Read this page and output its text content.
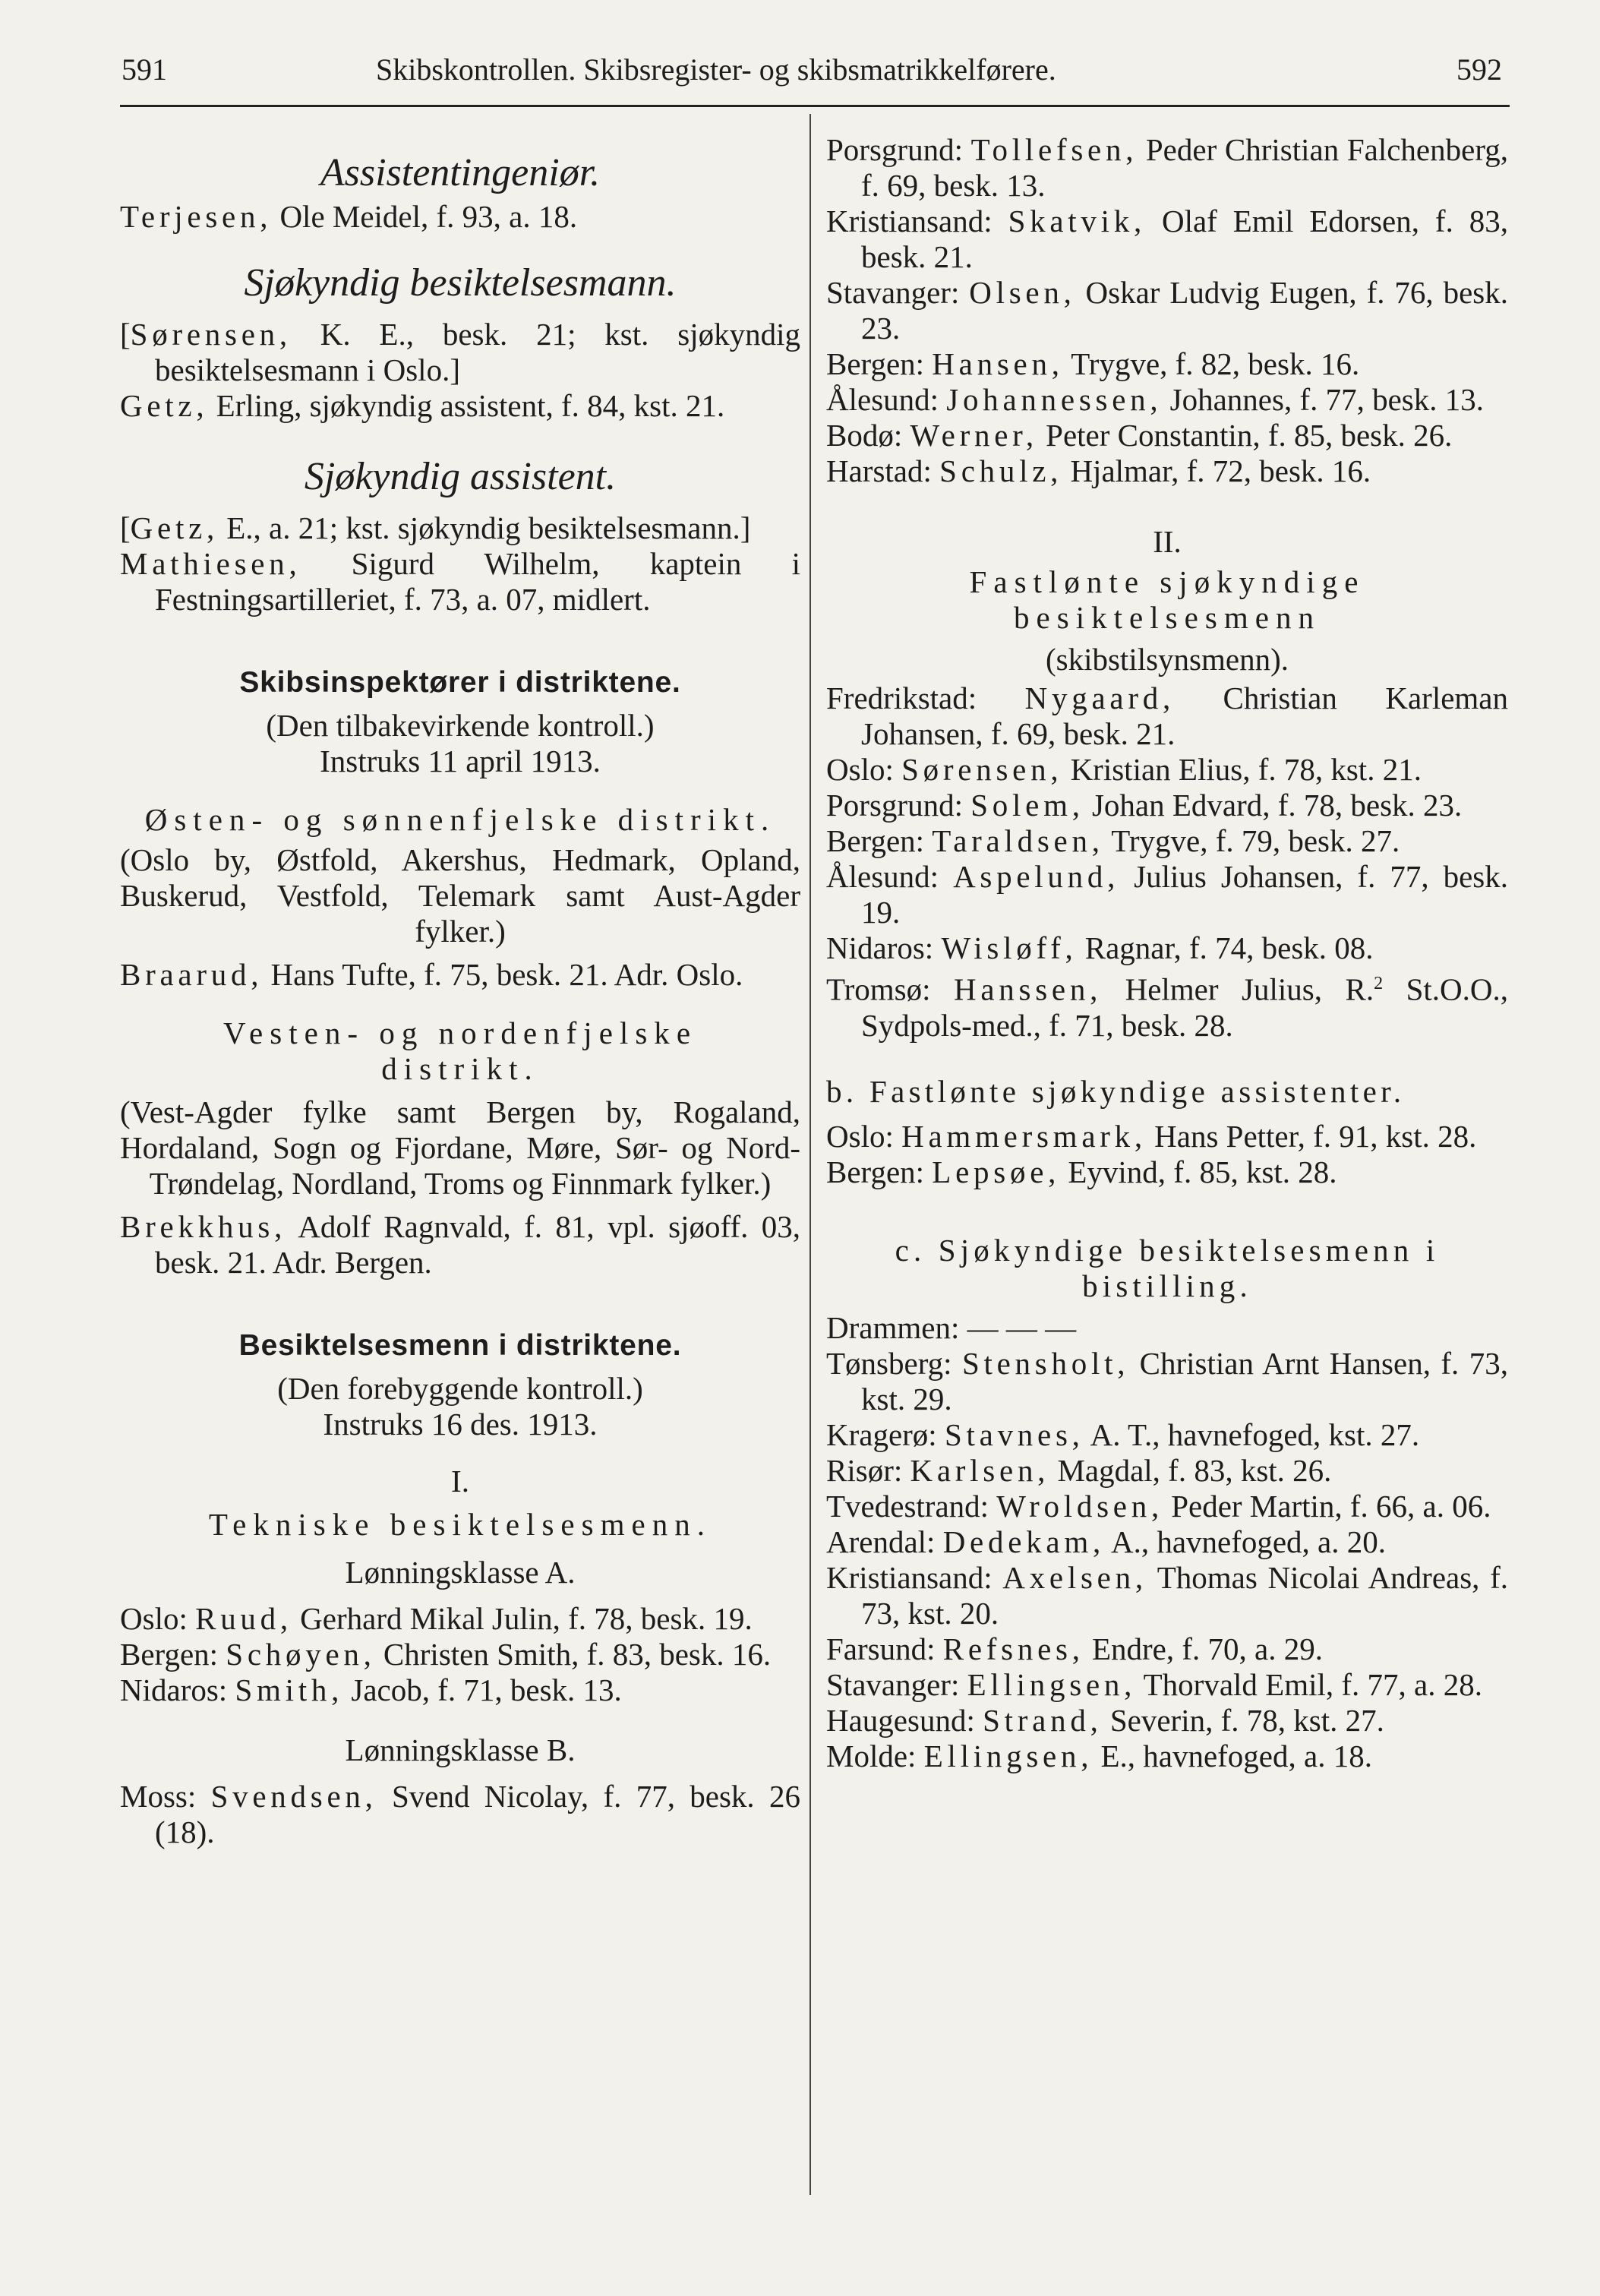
591	Skibskontrollen. Skibsregister- og skibsmatrikkelførere.	592

Assistentingeniør.

Terjesen, Ole Meidel, f. 93, a. 18.

Sjøkyndig besiktelsesmann.

[Sørensen, K. E., besk. 21; kst. sjøkyndig besiktelsesmann i Oslo.]

Getz, Erling, sjøkyndig assistent, f. 84, kst. 21.

Sjøkyndig assistent.

[Getz, E., a. 21; kst. sjøkyndig besiktelsesmann.]

Mathiesen, Sigurd Wilhelm, kaptein i Festningsartilleriet, f. 73, a. 07, midlert.

Skibsinspektører i distriktene.

(Den tilbakevirkende kontroll.)

Instruks 11 april 1913.

Østen- og sønnenfjelske distrikt.

(Oslo by, Østfold, Akershus, Hedmark, Opland, Buskerud, Vestfold, Telemark samt Aust-Agder fylker.)

Braarud, Hans Tufte, f. 75, besk. 21. Adr. Oslo.

Vesten- og nordenfjelske distrikt.

(Vest-Agder fylke samt Bergen by, Rogaland, Hordaland, Sogn og Fjordane, Møre, Sør- og Nord-Trøndelag, Nordland, Troms og Finnmark fylker.)

Brekkhus, Adolf Ragnvald, f. 81, vpl. sjøoff. 03, besk. 21. Adr. Bergen.

Besiktelsesmenn i distriktene.

(Den forebyggende kontroll.)

Instruks 16 des. 1913.

I.

Tekniske besiktelsesmenn.

Lønningsklasse A.

Oslo: Ruud, Gerhard Mikal Julin, f. 78, besk. 19.

Bergen: Schøyen, Christen Smith, f. 83, besk. 16.

Nidaros: Smith, Jacob, f. 71, besk. 13.

Lønningsklasse B.

Moss: Svendsen, Svend Nicolay, f. 77, besk. 26 (18).

Porsgrund: Tollefsen, Peder Christian Falchenberg, f. 69, besk. 13.

Kristiansand: Skatvik, Olaf Emil Edorsen, f. 83, besk. 21.

Stavanger: Olsen, Oskar Ludvig Eugen, f. 76, besk. 23.

Bergen: Hansen, Trygve, f. 82, besk. 16.

Ålesund: Johannessen, Johannes, f. 77, besk. 13.

Bodø: Werner, Peter Constantin, f. 85, besk. 26.

Harstad: Schulz, Hjalmar, f. 72, besk. 16.

II.

Fastlønte sjøkyndige besiktelsesmenn

(skibstilsynsmenn).

Fredrikstad: Nygaard, Christian Karleman Johansen, f. 69, besk. 21.

Oslo: Sørensen, Kristian Elius, f. 78, kst. 21.

Porsgrund: Solem, Johan Edvard, f. 78, besk. 23.

Bergen: Taraldsen, Trygve, f. 79, besk. 27.

Ålesund: Aspelund, Julius Johansen, f. 77, besk. 19.

Nidaros: Wisløff, Ragnar, f. 74, besk. 08.

Tromsø: Hanssen, Helmer Julius, R.$^2$ St.O.O., Sydpols-med., f. 71, besk. 28.

b. Fastlønte sjøkyndige assistenter.

Oslo: Hammersmark, Hans Petter, f. 91, kst. 28.

Bergen: Lepsøe, Eyvind, f. 85, kst. 28.

c. Sjøkyndige besiktelsesmenn i bistilling.

Drammen: — — —

Tønsberg: Stensholt, Christian Arnt Hansen, f. 73, kst. 29.

Kragerø: Stavnes, A. T., havnefoged, kst. 27.

Risør: Karlsen, Magdal, f. 83, kst. 26.

Tvedestrand: Wroldsen, Peder Martin, f. 66, a. 06.

Arendal: Dedekam, A., havnefoged, a. 20.

Kristiansand: Axelsen, Thomas Nicolai Andreas, f. 73, kst. 20.

Farsund: Refsnes, Endre, f. 70, a. 29.

Stavanger: Ellingsen, Thorvald Emil, f. 77, a. 28.

Haugesund: Strand, Severin, f. 78, kst. 27.

Molde: Ellingsen, E., havnefoged, a. 18.
